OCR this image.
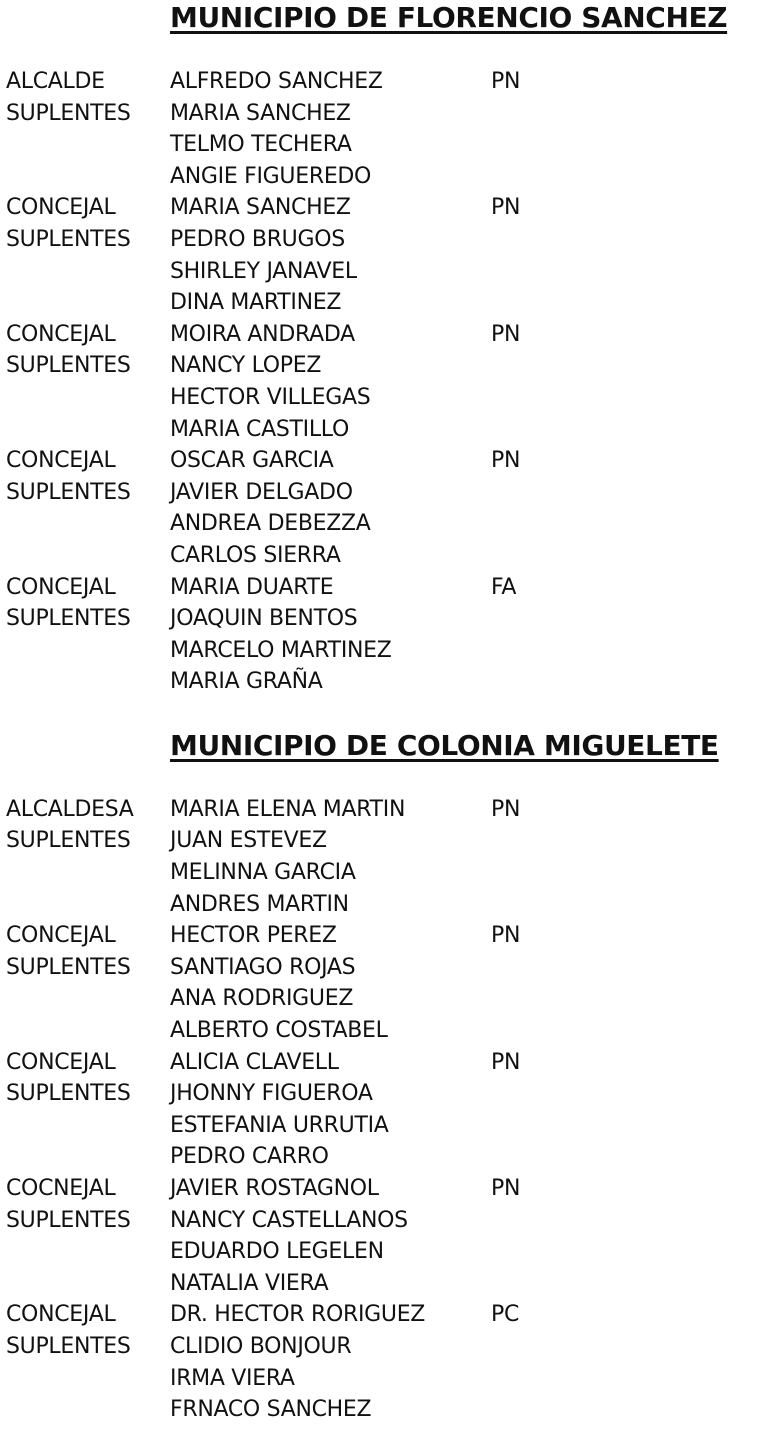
MUNICIPIO DE FLORENCIO SANCHEZ
ALCALDE	ALFREDO SANCHEZ	PN
SUPLENTES	MARIA SANCHEZ
TELMO TECHERA
ANGIE FIGUEREDO
CONCEJAL	MARIA SANCHEZ	PN
SUPLENTES	PEDRO BRUGOS
SHIRLEY JANAVEL
DINA MARTINEZ
CONCEJAL	MOIRA ANDRADA	PN
SUPLENTES	NANCY LOPEZ
HECTOR VILLEGAS
MARIA CASTILLO
CONCEJAL	OSCAR GARCIA	PN
SUPLENTES	JAVIER DELGADO
ANDREA DEBEZZA
CARLOS SIERRA
CONCEJAL	MARIA DUARTE	FA
SUPLENTES	JOAQUIN BENTOS
MARCELO MARTINEZ
MARIA GRAÑA
MUNICIPIO DE COLONIA MIGUELETE
ALCALDESA	MARIA ELENA MARTIN	PN
SUPLENTES	JUAN ESTEVEZ
MELINNA GARCIA
ANDRES MARTIN
CONCEJAL	HECTOR PEREZ	PN
SUPLENTES	SANTIAGO ROJAS
ANA RODRIGUEZ
ALBERTO COSTABEL
CONCEJAL	ALICIA CLAVELL	PN
SUPLENTES	JHONNY FIGUEROA
ESTEFANIA URRUTIA
PEDRO CARRO
COCNEJAL	JAVIER ROSTAGNOL	PN
SUPLENTES	NANCY CASTELLANOS
EDUARDO LEGELEN
NATALIA VIERA
CONCEJAL	DR. HECTOR RORIGUEZ	PC
SUPLENTES	CLIDIO BONJOUR
IRMA VIERA
FRNACO SANCHEZ
